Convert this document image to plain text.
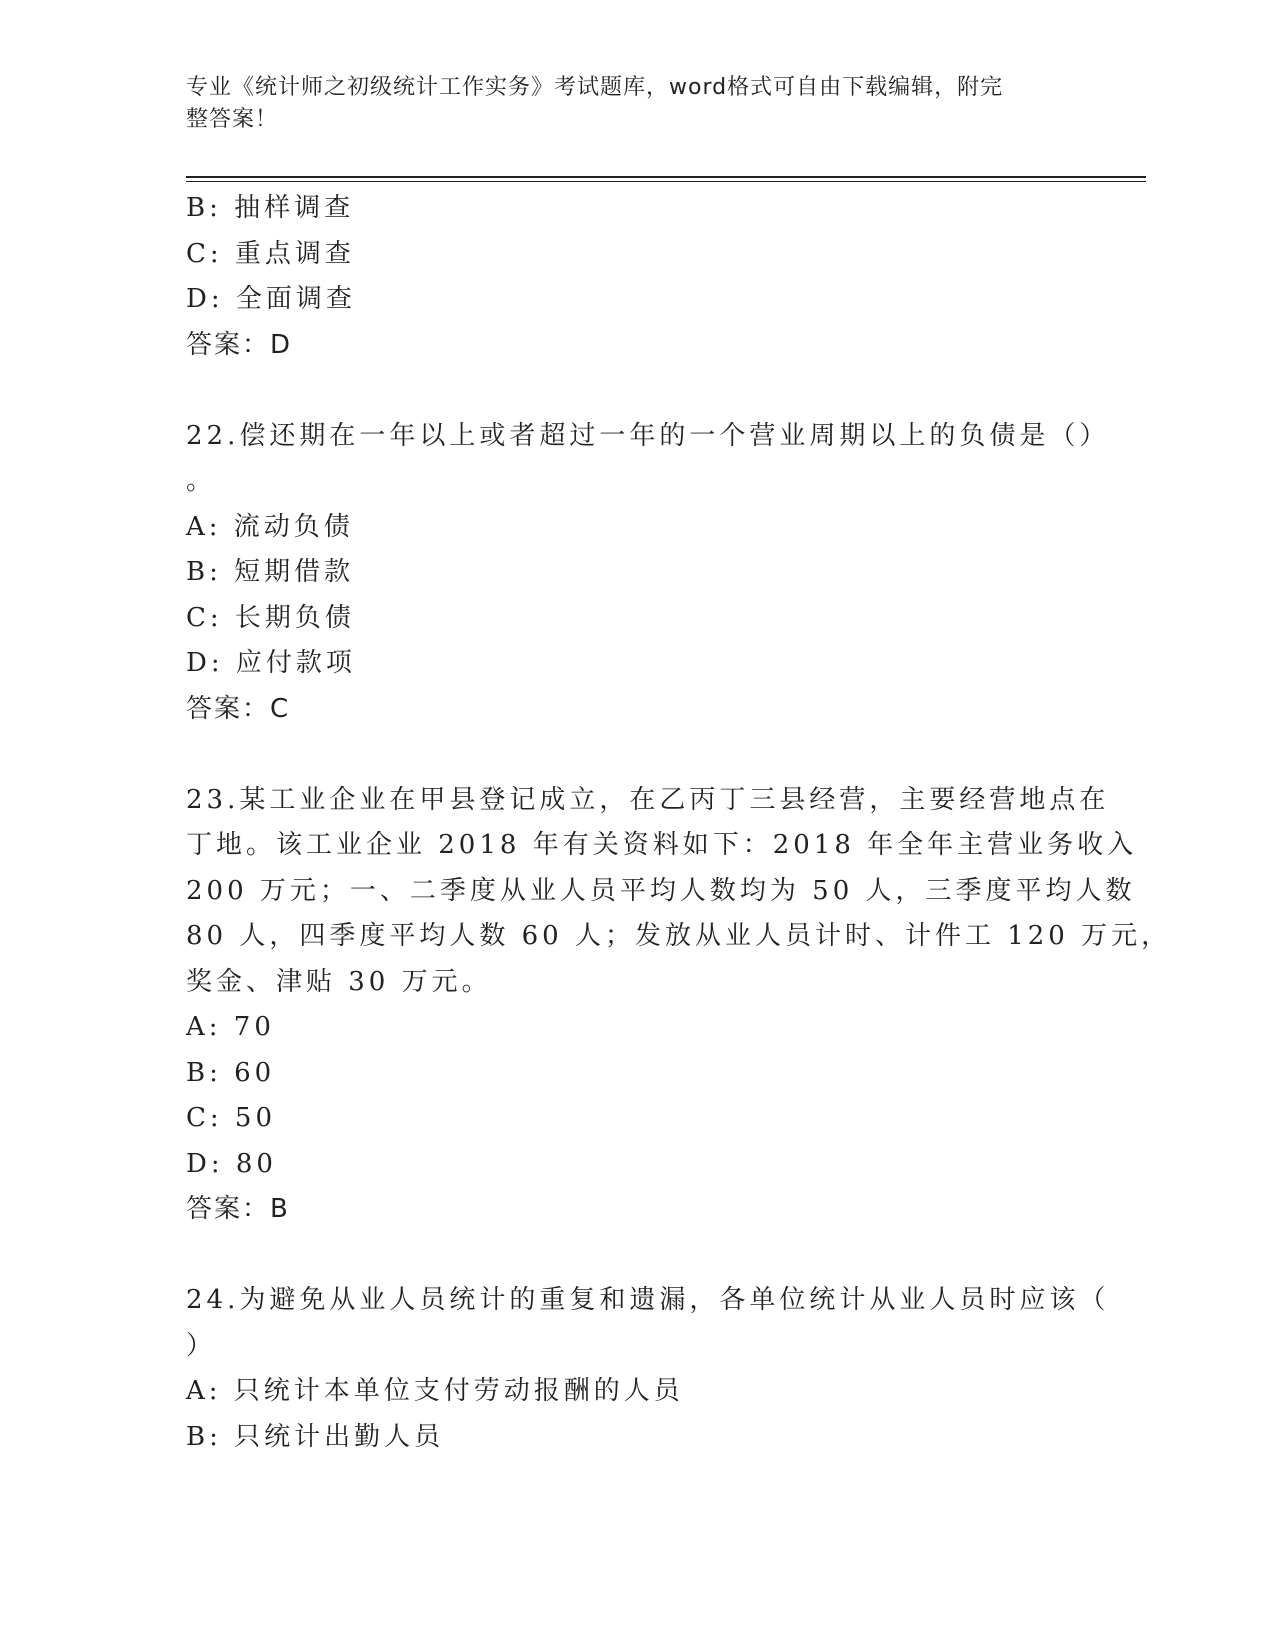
专业《统计师之初级统计工作实务》考试题库，word格式可自由下载编辑，附完
整答案！
B: 抽样调查
C: 重点调查
D: 全面调查
答案：D
22.偿还期在一年以上或者超过一年的一个营业周期以上的负债是（）
。
A: 流动负债
B: 短期借款
C: 长期负债
D: 应付款项
答案：C
23.某工业企业在甲县登记成立，在乙丙丁三县经营，主要经营地点在
丁地。该工业企业 2018 年有关资料如下：2018 年全年主营业务收入
200 万元；一、二季度从业人员平均人数均为 50 人，三季度平均人数
80 人，四季度平均人数 60 人；发放从业人员计时、计件工 120 万元，
奖金、津贴 30 万元。
A: 70
B: 60
C: 50
D: 80
答案：B
24.为避免从业人员统计的重复和遗漏，各单位统计从业人员时应该（
）
A: 只统计本单位支付劳动报酬的人员
B: 只统计出勤人员
